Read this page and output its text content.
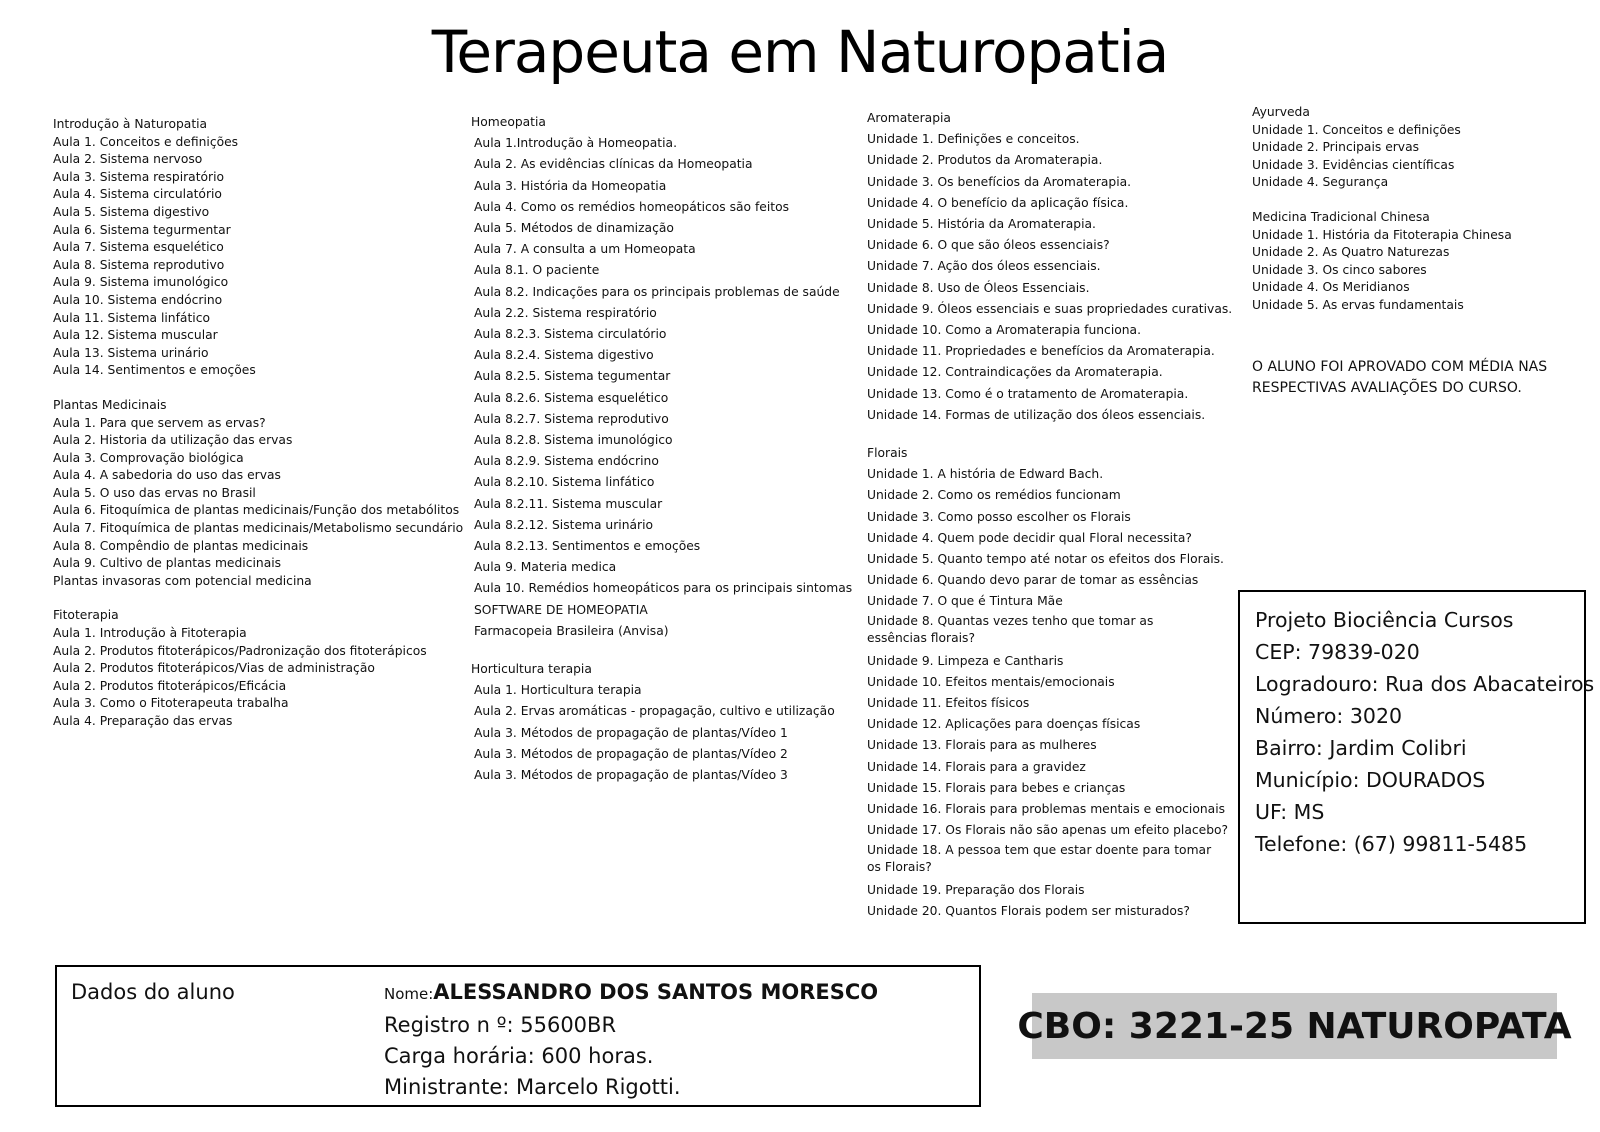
Terapeuta em Naturopatia
Introdução à Naturopatia
Aula 1. Conceitos e definições
Aula 2. Sistema nervoso
Aula 3. Sistema respiratório
Aula 4. Sistema circulatório
Aula 5. Sistema digestivo
Aula 6. Sistema tegurmentar
Aula 7. Sistema esquelético
Aula 8. Sistema reprodutivo
Aula 9. Sistema imunológico
Aula 10. Sistema endócrino
Aula 11. Sistema linfático
Aula 12. Sistema muscular
Aula 13. Sistema urinário
Aula 14. Sentimentos e emoções
Plantas Medicinais
Aula 1. Para que servem as ervas?
Aula 2. Historia da utilização das ervas
Aula 3. Comprovação biológica
Aula 4. A sabedoria do uso das ervas
Aula 5. O uso das ervas no Brasil
Aula 6. Fitoquímica de plantas medicinais/Função dos metabólitos
Aula 7. Fitoquímica de plantas medicinais/Metabolismo secundário
Aula 8. Compêndio de plantas medicinais
Aula 9. Cultivo de plantas medicinais
Plantas invasoras com potencial medicina
Fitoterapia
Aula 1. Introdução à Fitoterapia
Aula 2. Produtos fitoterápicos/Padronização dos fitoterápicos
Aula 2. Produtos fitoterápicos/Vias de administração
Aula 2. Produtos fitoterápicos/Eficácia
Aula 3. Como o Fitoterapeuta trabalha
Aula 4. Preparação das ervas
Homeopatia
Aula 1.Introdução à Homeopatia.
Aula 2. As evidências clínicas da Homeopatia
Aula 3. História da Homeopatia
Aula 4. Como os remédios homeopáticos são feitos
Aula 5. Métodos de dinamização
Aula 7. A consulta a um Homeopata
Aula 8.1. O paciente
Aula 8.2. Indicações para os principais problemas de saúde
Aula 2.2. Sistema respiratório
Aula 8.2.3. Sistema circulatório
Aula 8.2.4. Sistema digestivo
Aula 8.2.5. Sistema tegumentar
Aula 8.2.6. Sistema esquelético
Aula 8.2.7. Sistema reprodutivo
Aula 8.2.8. Sistema imunológico
Aula 8.2.9. Sistema endócrino
Aula 8.2.10. Sistema linfático
Aula 8.2.11. Sistema muscular
Aula 8.2.12. Sistema urinário
Aula 8.2.13. Sentimentos e emoções
Aula 9. Materia medica
Aula 10. Remédios homeopáticos para os principais sintomas
SOFTWARE DE HOMEOPATIA
Farmacopeia Brasileira (Anvisa)
Horticultura terapia
Aula 1. Horticultura terapia
Aula 2. Ervas aromáticas - propagação, cultivo e utilização
Aula 3. Métodos de propagação de plantas/Vídeo 1
Aula 3. Métodos de propagação de plantas/Vídeo 2
Aula 3. Métodos de propagação de plantas/Vídeo 3
Aromaterapia
Unidade 1. Definições e conceitos.
Unidade 2. Produtos da Aromaterapia.
Unidade 3. Os benefícios da Aromaterapia.
Unidade 4. O benefício da aplicação física.
Unidade 5. História da Aromaterapia.
Unidade 6. O que são óleos essenciais?
Unidade 7. Ação dos óleos essenciais.
Unidade 8. Uso de Óleos Essenciais.
Unidade 9. Óleos essenciais e suas propriedades curativas.
Unidade 10. Como a Aromaterapia funciona.
Unidade 11. Propriedades e benefícios da Aromaterapia.
Unidade 12. Contraindicações da Aromaterapia.
Unidade 13. Como é o tratamento de Aromaterapia.
Unidade 14. Formas de utilização dos óleos essenciais.
Florais
Unidade 1. A história de Edward Bach.
Unidade 2. Como os remédios funcionam
Unidade 3. Como posso escolher os Florais
Unidade 4. Quem pode decidir qual Floral necessita?
Unidade 5. Quanto tempo até notar os efeitos dos Florais.
Unidade 6. Quando devo parar de tomar as essências
Unidade 7. O que é Tintura Mãe
Unidade 8. Quantas vezes tenho que tomar as essências florais?
Unidade 9. Limpeza e Cantharis
Unidade 10. Efeitos mentais/emocionais
Unidade 11. Efeitos físicos
Unidade 12. Aplicações para doenças físicas
Unidade 13. Florais para as mulheres
Unidade 14. Florais para a gravidez
Unidade 15. Florais para bebes e crianças
Unidade 16. Florais para problemas mentais e emocionais
Unidade 17. Os Florais não são apenas um efeito placebo?
Unidade 18. A pessoa tem que estar doente para tomar os Florais?
Unidade 19. Preparação dos Florais
Unidade 20. Quantos Florais podem ser misturados?
Ayurveda
Unidade 1. Conceitos e definições
Unidade 2. Principais ervas
Unidade 3. Evidências científicas
Unidade 4. Segurança
Medicina Tradicional Chinesa
Unidade 1. História da Fitoterapia Chinesa
Unidade 2. As Quatro Naturezas
Unidade 3. Os cinco sabores
Unidade 4. Os Meridianos
Unidade 5. As ervas fundamentais
O ALUNO FOI APROVADO COM MÉDIA NAS RESPECTIVAS AVALIAÇÕES DO CURSO.
Projeto Biociência Cursos
CEP: 79839-020
Logradouro: Rua dos Abacateiros
Número: 3020
Bairro: Jardim Colibri
Município: DOURADOS
UF: MS
Telefone: (67) 99811-5485
Dados do aluno	Nome:ALESSANDRO DOS SANTOS MORESCO
Registro n º: 55600BR
Carga horária: 600 horas.
Ministrante: Marcelo Rigotti.
CBO: 3221-25 NATUROPATA
